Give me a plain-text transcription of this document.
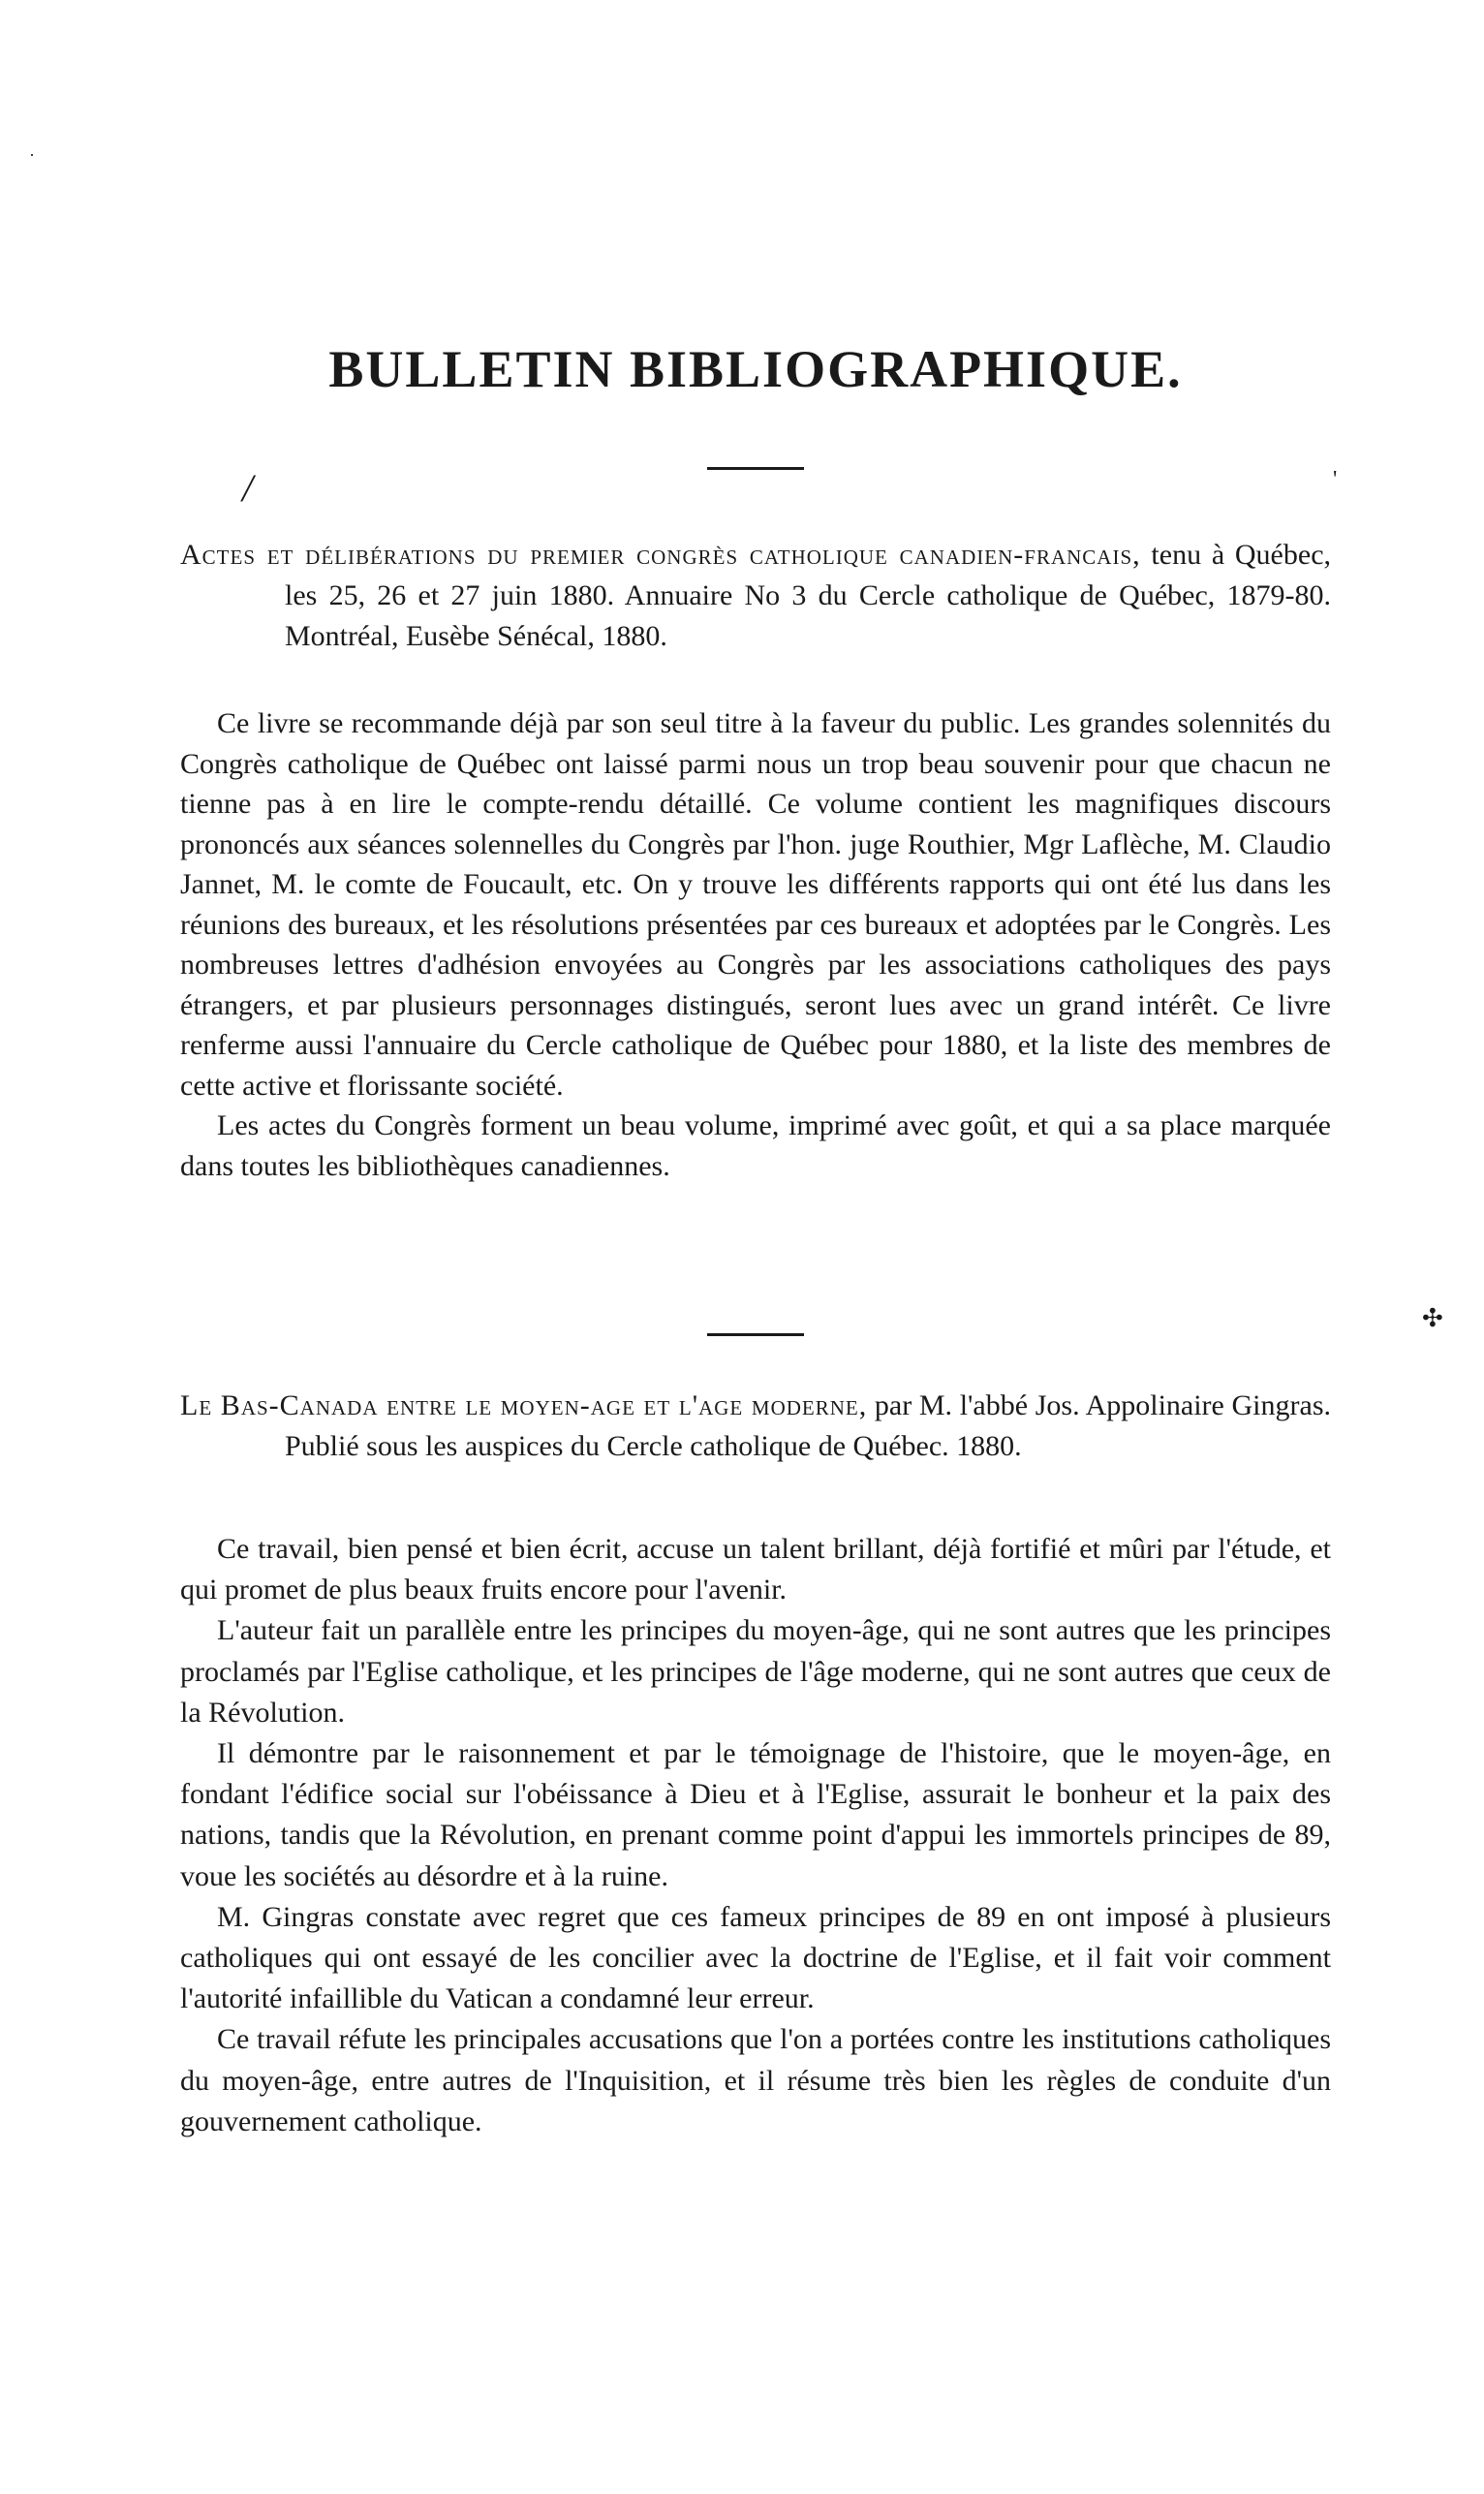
·
/	'
✣
BULLETIN BIBLIOGRAPHIQUE.

Actes et délibérations du premier congrès catholique canadien-francais, tenu à Québec, les 25, 26 et 27 juin 1880. Annuaire No 3 du Cercle catholique de Québec, 1879-80. Montréal, Eusèbe Sénécal, 1880.

Ce livre se recommande déjà par son seul titre à la faveur du public. Les grandes solennités du Congrès catholique de Québec ont laissé parmi nous un trop beau souvenir pour que chacun ne tienne pas à en lire le compte-rendu détaillé. Ce volume contient les magnifiques discours prononcés aux séances solennelles du Congrès par l'hon. juge Routhier, Mgr Laflèche, M. Claudio Jannet, M. le comte de Foucault, etc. On y trouve les différents rapports qui ont été lus dans les réunions des bureaux, et les résolutions présentées par ces bureaux et adoptées par le Congrès. Les nombreuses lettres d'adhésion envoyées au Congrès par les associations catholiques des pays étrangers, et par plusieurs personnages distingués, seront lues avec un grand intérêt. Ce livre renferme aussi l'annuaire du Cercle catholique de Québec pour 1880, et la liste des membres de cette active et florissante société.

Les actes du Congrès forment un beau volume, imprimé avec goût, et qui a sa place marquée dans toutes les bibliothèques canadiennes.

Le Bas-Canada entre le moyen-age et l'age moderne, par M. l'abbé Jos. Appolinaire Gingras. Publié sous les auspices du Cercle catholique de Québec. 1880.

Ce travail, bien pensé et bien écrit, accuse un talent brillant, déjà fortifié et mûri par l'étude, et qui promet de plus beaux fruits encore pour l'avenir.

L'auteur fait un parallèle entre les principes du moyen-âge, qui ne sont autres que les principes proclamés par l'Eglise catholique, et les principes de l'âge moderne, qui ne sont autres que ceux de la Révolution.

Il démontre par le raisonnement et par le témoignage de l'histoire, que le moyen-âge, en fondant l'édifice social sur l'obéissance à Dieu et à l'Eglise, assurait le bonheur et la paix des nations, tandis que la Révolution, en prenant comme point d'appui les immortels principes de 89, voue les sociétés au désordre et à la ruine.

M. Gingras constate avec regret que ces fameux principes de 89 en ont imposé à plusieurs catholiques qui ont essayé de les concilier avec la doctrine de l'Eglise, et il fait voir comment l'autorité infaillible du Vatican a condamné leur erreur.

Ce travail réfute les principales accusations que l'on a portées contre les institutions catholiques du moyen-âge, entre autres de l'Inquisition, et il résume très bien les règles de conduite d'un gouvernement catholique.
